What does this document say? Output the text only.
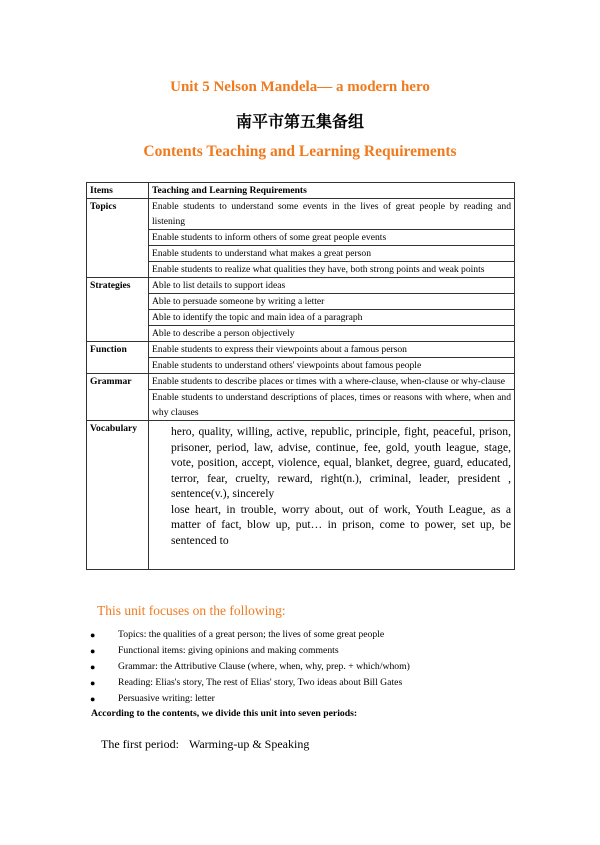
Unit 5 Nelson Mandela— a modern hero
南平市第五集备组
Contents Teaching and Learning Requirements
Items	Teaching and Learning Requirements
Topics	Enable students to understand some events in the lives of great people by reading and listening
	Enable students to inform others of some great people events
	Enable students to understand what makes a great person
	Enable students to realize what qualities they have, both strong points and weak points
Strategies	Able to list details to support ideas
	Able to persuade someone by writing a letter
	Able to identify the topic and main idea of a paragraph
	Able to describe a person objectively
Function	Enable students to express their viewpoints about a famous person
	Enable students to understand others' viewpoints about famous people
Grammar	Enable students to describe places or times with a where-clause, when-clause or why-clause
	Enable students to understand descriptions of places, times or reasons with where, when and why clauses
Vocabulary	hero, quality, willing, active, republic, principle, fight, peaceful, prison, prisoner, period, law, advise, continue, fee, gold, youth league, stage, vote, position, accept, violence, equal, blanket, degree, guard, educated, terror, fear, cruelty, reward, right(n.), criminal, leader, president , sentence(v.), sincerely
lose heart, in trouble, worry about, out of work, Youth League, as a matter of fact, blow up, put… in prison, come to power, set up, be sentenced to
This unit focuses on the following:
● Topics: the qualities of a great person; the lives of some great people
● Functional items: giving opinions and making comments
● Grammar: the Attributive Clause (where, when, why, prep. + which/whom)
● Reading: Elias's story, The rest of Elias' story, Two ideas about Bill Gates
● Persuasive writing: letter
According to the contents, we divide this unit into seven periods:
The first period: Warming-up & Speaking
